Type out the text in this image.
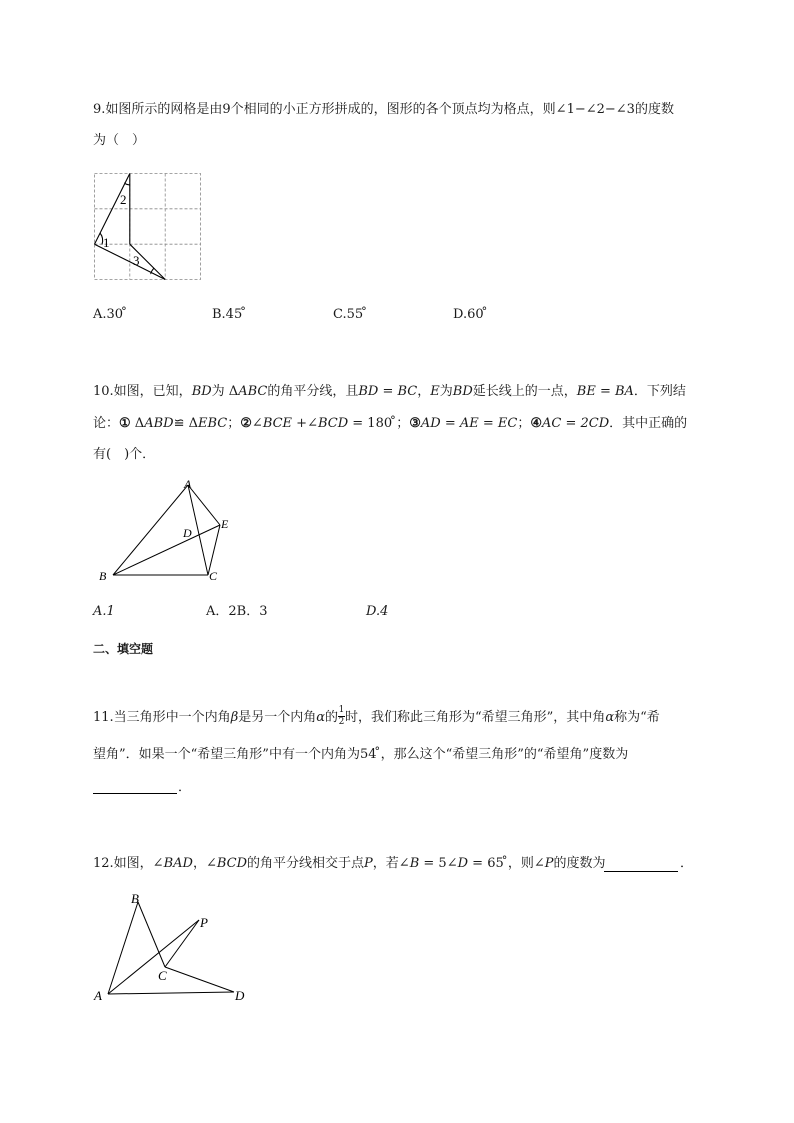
9.如图所示的网格是由9个相同的小正方形拼成的，图形的各个顶点均为格点，则∠1−∠2−∠3的度数
为（　）
1
2
3
A.30 ̊	B.45 ̊	C.55 ̊	D.60 ̊
10.如图，已知，BD为 ΔABC的角平分线，且BD = BC，E为BD延长线上的一点，BE = BA．下列结
论：① ΔABD≌ ΔEBC；②∠BCE +∠BCD = 180 ̊；③AD = AE = EC；④AC = 2CD．其中正确的
有(　)个．
A
B	C
D
E
A.1	A．2B．3	D.4
二、填空题
11.当三角形中一个内角β是另一个内角α的 $\frac{1}{2}$ 时，我们称此三角形为“希望三角形”，其中角α称为“希
望角”．如果一个“希望三角形”中有一个内角为54 ̊，那么这个“希望三角形”的“希望角”度数为
．
12.如图，∠BAD，∠BCD的角平分线相交于点P，若∠B = 5∠D = 65 ̊，则∠P的度数为	．
A
B
C
D
P
